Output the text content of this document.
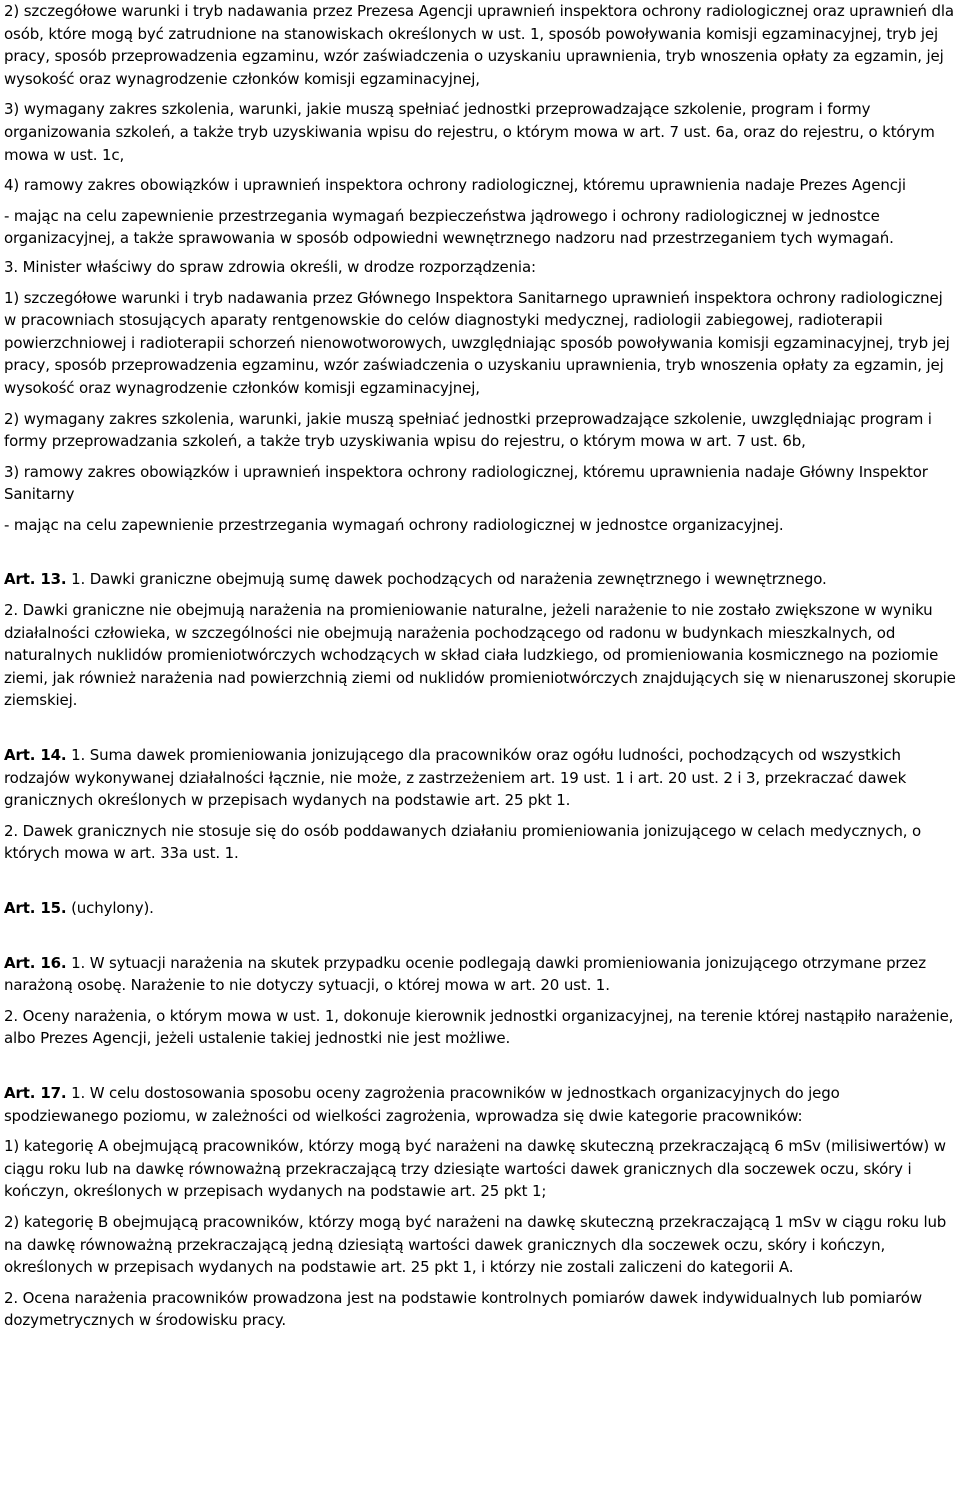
2) szczegółowe warunki i tryb nadawania przez Prezesa Agencji uprawnień inspektora ochrony radiologicznej oraz uprawnień dla osób, które mogą być zatrudnione na stanowiskach określonych w ust. 1, sposób powoływania komisji egzaminacyjnej, tryb jej pracy, sposób przeprowadzenia egzaminu, wzór zaświadczenia o uzyskaniu uprawnienia, tryb wnoszenia opłaty za egzamin, jej wysokość oraz wynagrodzenie członków komisji egzaminacyjnej,

3) wymagany zakres szkolenia, warunki, jakie muszą spełniać jednostki przeprowadzające szkolenie, program i formy organizowania szkoleń, a także tryb uzyskiwania wpisu do rejestru, o którym mowa w art. 7 ust. 6a, oraz do rejestru, o którym mowa w ust. 1c,

4) ramowy zakres obowiązków i uprawnień inspektora ochrony radiologicznej, któremu uprawnienia nadaje Prezes Agencji

- mając na celu zapewnienie przestrzegania wymagań bezpieczeństwa jądrowego i ochrony radiologicznej w jednostce organizacyjnej, a także sprawowania w sposób odpowiedni wewnętrznego nadzoru nad przestrzeganiem tych wymagań.

3. Minister właściwy do spraw zdrowia określi, w drodze rozporządzenia:

1) szczegółowe warunki i tryb nadawania przez Głównego Inspektora Sanitarnego uprawnień inspektora ochrony radiologicznej w pracowniach stosujących aparaty rentgenowskie do celów diagnostyki medycznej, radiologii zabiegowej, radioterapii powierzchniowej i radioterapii schorzeń nienowotworowych, uwzględniając sposób powoływania komisji egzaminacyjnej, tryb jej pracy, sposób przeprowadzenia egzaminu, wzór zaświadczenia o uzyskaniu uprawnienia, tryb wnoszenia opłaty za egzamin, jej wysokość oraz wynagrodzenie członków komisji egzaminacyjnej,

2) wymagany zakres szkolenia, warunki, jakie muszą spełniać jednostki przeprowadzające szkolenie, uwzględniając program i formy przeprowadzania szkoleń, a także tryb uzyskiwania wpisu do rejestru, o którym mowa w art. 7 ust. 6b,

3) ramowy zakres obowiązków i uprawnień inspektora ochrony radiologicznej, któremu uprawnienia nadaje Główny Inspektor Sanitarny

- mając na celu zapewnienie przestrzegania wymagań ochrony radiologicznej w jednostce organizacyjnej.

Art. 13. 1. Dawki graniczne obejmują sumę dawek pochodzących od narażenia zewnętrznego i wewnętrznego.

2. Dawki graniczne nie obejmują narażenia na promieniowanie naturalne, jeżeli narażenie to nie zostało zwiększone w wyniku działalności człowieka, w szczególności nie obejmują narażenia pochodzącego od radonu w budynkach mieszkalnych, od naturalnych nuklidów promieniotwórczych wchodzących w skład ciała ludzkiego, od promieniowania kosmicznego na poziomie ziemi, jak również narażenia nad powierzchnią ziemi od nuklidów promieniotwórczych znajdujących się w nienaruszonej skorupie ziemskiej.

Art. 14. 1. Suma dawek promieniowania jonizującego dla pracowników oraz ogółu ludności, pochodzących od wszystkich rodzajów wykonywanej działalności łącznie, nie może, z zastrzeżeniem art. 19 ust. 1 i art. 20 ust. 2 i 3, przekraczać dawek granicznych określonych w przepisach wydanych na podstawie art. 25 pkt 1.

2. Dawek granicznych nie stosuje się do osób poddawanych działaniu promieniowania jonizującego w celach medycznych, o których mowa w art. 33a ust. 1.

Art. 15. (uchylony).

Art. 16. 1. W sytuacji narażenia na skutek przypadku ocenie podlegają dawki promieniowania jonizującego otrzymane przez narażoną osobę. Narażenie to nie dotyczy sytuacji, o której mowa w art. 20 ust. 1.

2. Oceny narażenia, o którym mowa w ust. 1, dokonuje kierownik jednostki organizacyjnej, na terenie której nastąpiło narażenie, albo Prezes Agencji, jeżeli ustalenie takiej jednostki nie jest możliwe.

Art. 17. 1. W celu dostosowania sposobu oceny zagrożenia pracowników w jednostkach organizacyjnych do jego spodziewanego poziomu, w zależności od wielkości zagrożenia, wprowadza się dwie kategorie pracowników:

1) kategorię A obejmującą pracowników, którzy mogą być narażeni na dawkę skuteczną przekraczającą 6 mSv (milisiwertów) w ciągu roku lub na dawkę równoważną przekraczającą trzy dziesiąte wartości dawek granicznych dla soczewek oczu, skóry i kończyn, określonych w przepisach wydanych na podstawie art. 25 pkt 1;

2) kategorię B obejmującą pracowników, którzy mogą być narażeni na dawkę skuteczną przekraczającą 1 mSv w ciągu roku lub na dawkę równoważną przekraczającą jedną dziesiątą wartości dawek granicznych dla soczewek oczu, skóry i kończyn, określonych w przepisach wydanych na podstawie art. 25 pkt 1, i którzy nie zostali zaliczeni do kategorii A.

2. Ocena narażenia pracowników prowadzona jest na podstawie kontrolnych pomiarów dawek indywidualnych lub pomiarów dozymetrycznych w środowisku pracy.
